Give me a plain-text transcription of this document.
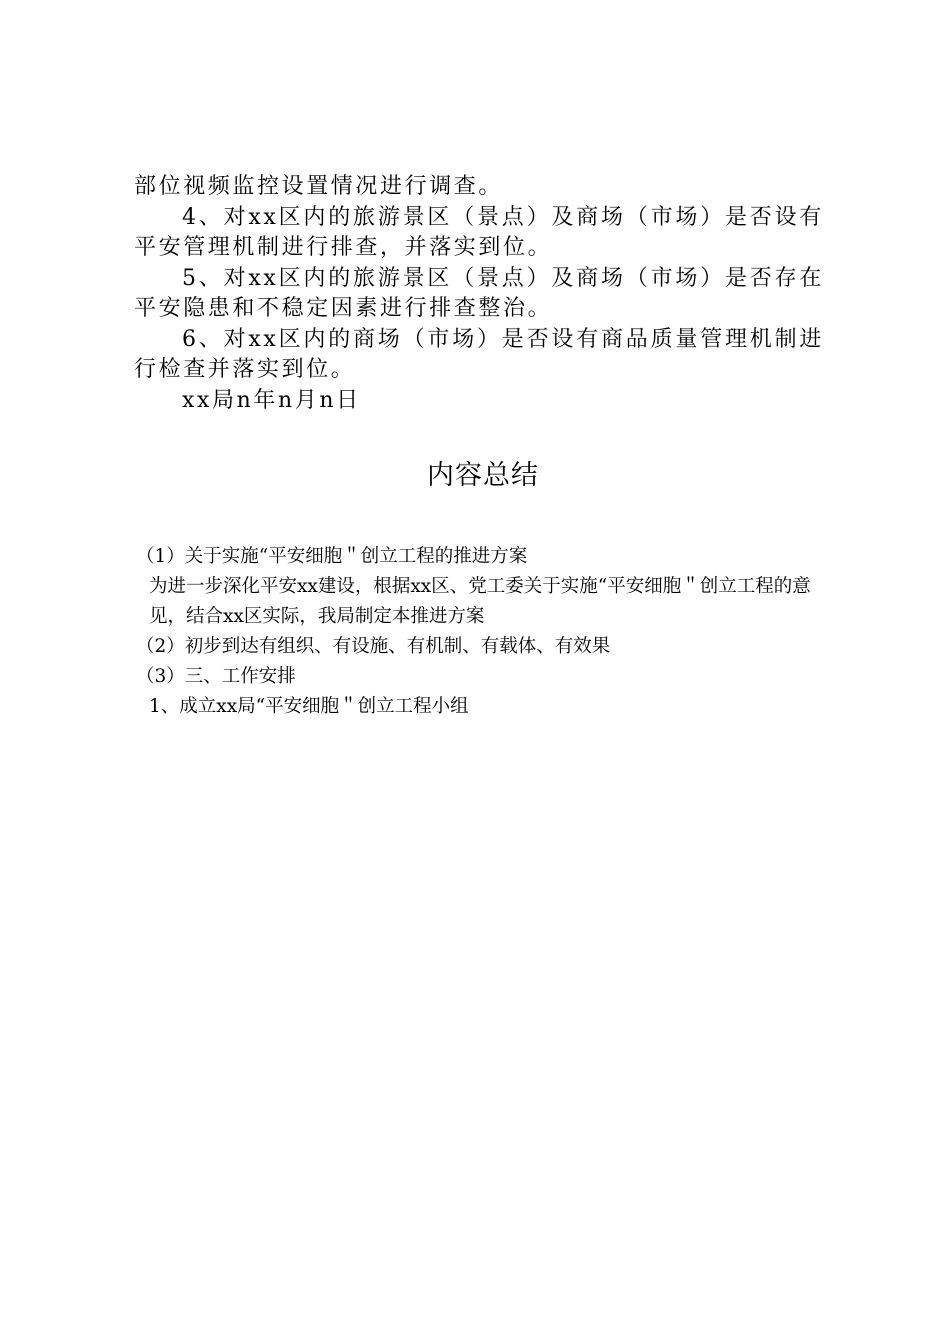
部位视频监控设置情况进行调查。

4、对xx区内的旅游景区（景点）及商场（市场）是否设有平安管理机制进行排查，并落实到位。

5、对xx区内的旅游景区（景点）及商场（市场）是否存在平安隐患和不稳定因素进行排查整治。

6、对xx区内的商场（市场）是否设有商品质量管理机制进行检查并落实到位。

xx局n年n月n日

内容总结

（1）关于实施“平安细胞＂创立工程的推进方案

为进一步深化平安xx建设，根据xx区、党工委关于实施“平安细胞＂创立工程的意见，结合xx区实际，我局制定本推进方案

（2）初步到达有组织、有设施、有机制、有载体、有效果

（3）三、工作安排

1、成立xx局“平安细胞＂创立工程小组
